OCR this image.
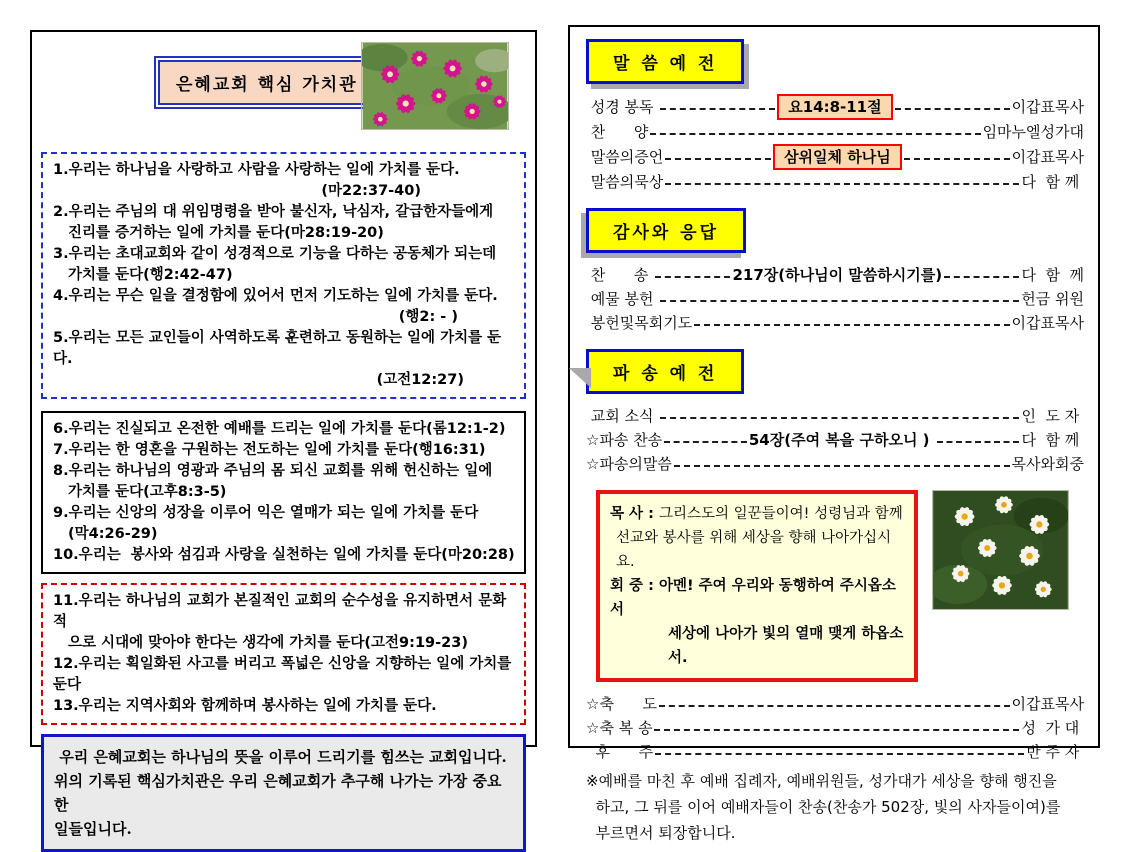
은혜교회 핵심 가치관
1.우리는 하나님을 사랑하고 사람을 사랑하는 일에 가치를 둔다.
(마22:37-40)
2.우리는 주님의 대 위임명령을 받아 불신자, 낙심자, 갈급한자들에게
진리를 증거하는 일에 가치를 둔다(마28:19-20)
3.우리는 초대교회와 같이 성경적으로 기능을 다하는 공동체가 되는데
가치를 둔다(행2:42-47)
4.우리는 무슨 일을 결정함에 있어서 먼저 기도하는 일에 가치를 둔다.
(행2: - )
5.우리는 모든 교인들이 사역하도록 훈련하고 동원하는 일에 가치를 둔다.
(고전12:27)
6.우리는 진실되고 온전한 예배를 드리는 일에 가치를 둔다(롬12:1-2)
7.우리는 한 영혼을 구원하는 전도하는 일에 가치를 둔다(행16:31)
8.우리는 하나님의 영광과 주님의 몸 되신 교회를 위해 헌신하는 일에
가치를 둔다(고후8:3-5)
9.우리는 신앙의 성장을 이루어 익은 열매가 되는 일에 가치를 둔다
(막4:26-29)
10.우리는  봉사와 섬김과 사랑을 실천하는 일에 가치를 둔다(마20:28)
11.우리는 하나님의 교회가 본질적인 교회의 순수성을 유지하면서 문화적
으로 시대에 맞아야 한다는 생각에 가치를 둔다(고전9:19-23)
12.우리는 획일화된 사고를 버리고 폭넓은 신앙을 지향하는 일에 가치를둔다
13.우리는 지역사회와 함께하며 봉사하는 일에 가치를 둔다.
우리 은혜교회는 하나님의 뜻을 이루어 드리기를 힘쓰는 교회입니다.
위의 기록된 핵심가치관은 우리 은혜교회가 추구해 나가는 가장 중요한
일들입니다.
말 씀 예 전
성경 봉독	요14:8-11절	이갑표목사
찬      양	임마누엘성가대
말씀의증언	삼위일체 하나님	이갑표목사
말씀의묵상	다  함 께
감사와 응답
찬      송	217장(하나님이 말씀하시기를)	다  함  께
예물 봉헌	헌금 위원
봉헌및목회기도	이갑표목사
파 송 예 전
교회 소식	인  도 자
☆파송 찬송	54장(주여 복을 구하오니 )	다  함 께
☆파송의말씀	목사와회중
목 사 : 그리스도의 일꾼들이여! 성령님과 함께
선교와 봉사를 위해 세상을 향해 나아가십시요.
회 중 : 아멘! 주여 우리와 동행하여 주시옵소서
세상에 나아가 빛의 열매 맺게 하옵소서.
☆축      도	이갑표목사
☆축 복 송	성  가 대
후      주	반 주 자
※예배를 마친 후 예배 집례자, 예배위원들, 성가대가 세상을 향해 행진을
하고, 그 뒤를 이어 예배자들이 찬송(찬송가 502장, 빛의 사자들이여)를
부르면서 퇴장합니다.
